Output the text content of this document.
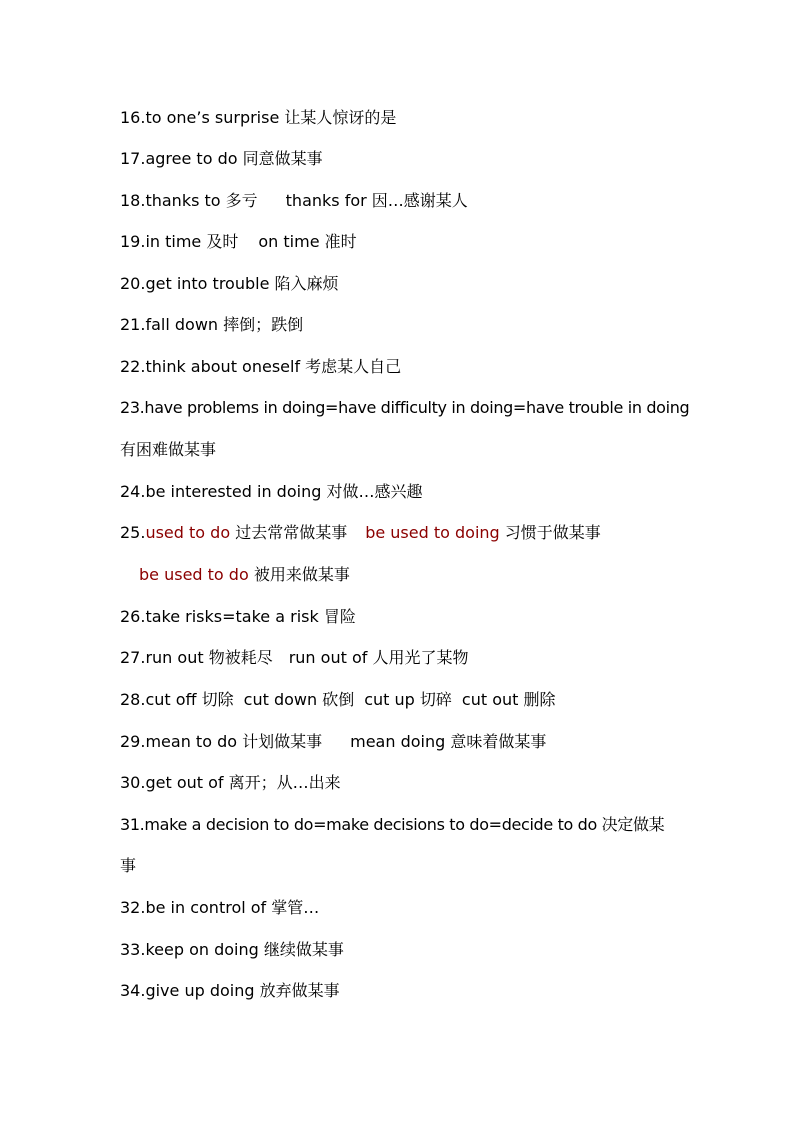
16.to one’s surprise 让某人惊讶的是
17.agree to do 同意做某事
18.thanks to 多亏 thanks for 因…感谢某人
19.in time 及时 on time 准时
20.get into trouble 陷入麻烦
21.fall down 摔倒；跌倒
22.think about oneself 考虑某人自己
23.have problems in doing=have difficulty in doing=have trouble in doing
有困难做某事
24.be interested in doing 对做…感兴趣
25.used to do 过去常常做某事 be used to doing 习惯于做某事
be used to do 被用来做某事
26.take risks=take a risk 冒险
27.run out 物被耗尽 run out of 人用光了某物
28.cut off 切除 cut down 砍倒 cut up 切碎 cut out 删除
29.mean to do 计划做某事 mean doing 意味着做某事
30.get out of 离开；从…出来
31.make a decision to do=make decisions to do=decide to do 决定做某
事
32.be in control of 掌管…
33.keep on doing 继续做某事
34.give up doing 放弃做某事
